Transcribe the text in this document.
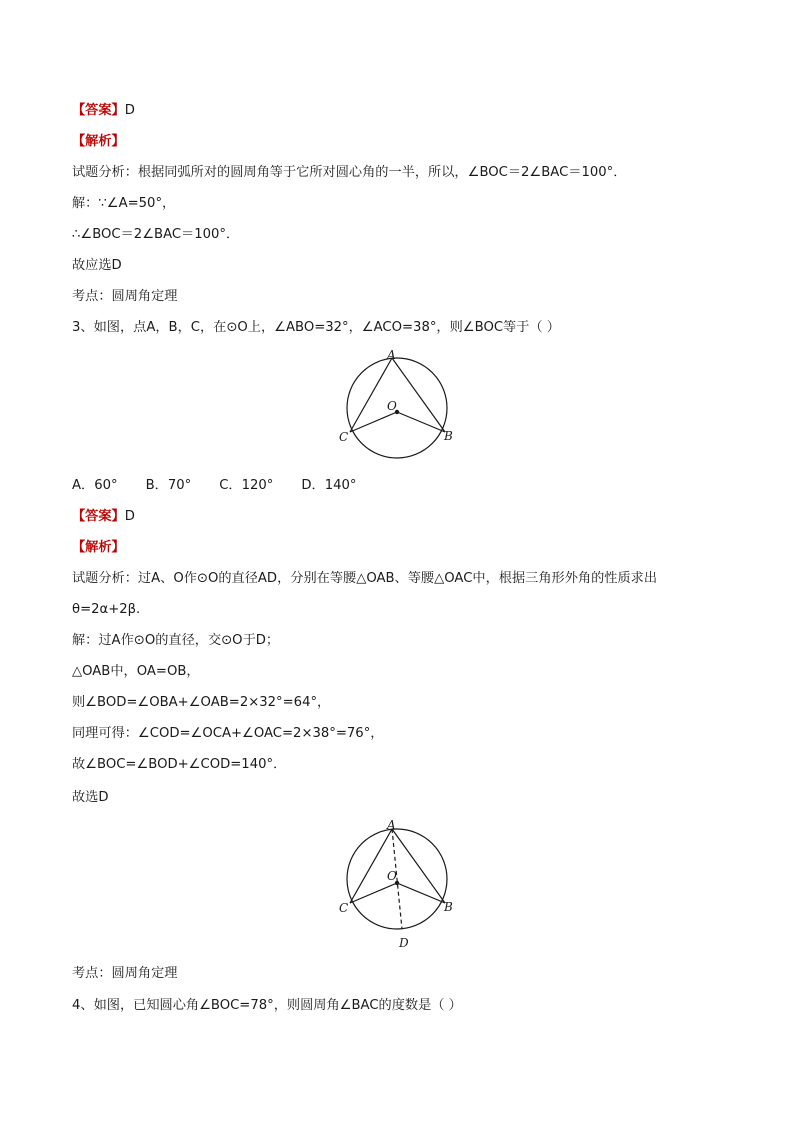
【答案】D
【解析】
试题分析：根据同弧所对的圆周角等于它所对圆心角的一半，所以，∠BOC＝2∠BAC＝100°．
解：∵∠A=50°，
∴∠BOC＝2∠BAC＝100°．
故应选D
考点：圆周角定理
3、如图，点A，B，C，在⊙O上，∠ABO=32°，∠ACO=38°，则∠BOC等于（ ）
A
O
C	B
A．60° B．70° C．120° D．140°
【答案】D
【解析】
试题分析：过A、O作⊙O的直径AD，分别在等腰△OAB、等腰△OAC中，根据三角形外角的性质求出
θ=2α+2β.
解：过A作⊙O的直径，交⊙O于D；
△OAB中，OA=OB，
则∠BOD=∠OBA+∠OAB=2×32°=64°，
同理可得：∠COD=∠OCA+∠OAC=2×38°=76°，
故∠BOC=∠BOD+∠COD=140°．
故选D
A
O
C	B
D
考点：圆周角定理
4、如图，已知圆心角∠BOC=78°，则圆周角∠BAC的度数是（ ）
